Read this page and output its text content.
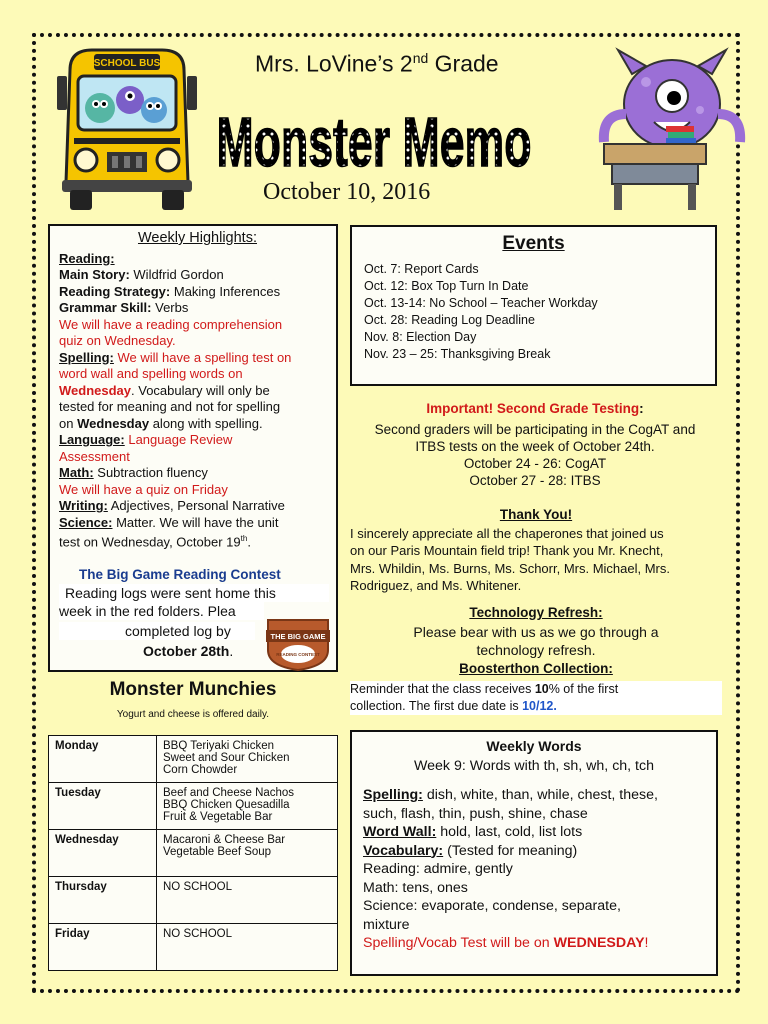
SCHOOL BUS	Mrs. LoVine’s 2nd Grade
Monster Memo
October 10, 2016
Weekly Highlights:
Reading:
Main Story: Wildfrid Gordon
Reading Strategy: Making Inferences
Grammar Skill: Verbs
We will have a reading comprehension
quiz on Wednesday.
Spelling: We will have a spelling test on
word wall and spelling words on
Wednesday. Vocabulary will only be
tested for meaning and not for spelling
on Wednesday along with spelling.
Language: Language Review
Assessment
Math: Subtraction fluency
We will have a quiz on Friday
Writing: Adjectives, Personal Narrative
Science: Matter. We will have the unit
test on Wednesday, October 19th.
The Big Game Reading Contest
Reading logs were sent home this
week in the red folders. Plea
completed log by
October 28th.
THE BIG GAME
READING CONTEST
Monster Munchies
Yogurt and cheese is offered daily.
Monday	BBQ Teriyaki Chicken
Sweet and Sour Chicken
Corn Chowder

Tuesday	Beef and Cheese Nachos
BBQ Chicken Quesadilla
Fruit & Vegetable Bar

Wednesday	Macaroni & Cheese Bar
Vegetable Beef Soup

Thursday	NO SCHOOL

Friday	NO SCHOOL
Events
Oct. 7: Report Cards
Oct. 12: Box Top Turn In Date
Oct. 13-14: No School – Teacher Workday
Oct. 28: Reading Log Deadline
Nov. 8: Election Day
Nov. 23 – 25: Thanksgiving Break
Important! Second Grade Testing:
Second graders will be participating in the CogAT and
ITBS tests on the week of October 24th.
October 24 - 26: CogAT
October 27 - 28: ITBS
Thank You!
I sincerely appreciate all the chaperones that joined us
on our Paris Mountain field trip! Thank you Mr. Knecht,
Mrs. Whildin, Ms. Burns, Ms. Schorr, Mrs. Michael, Mrs.
Rodriguez, and Ms. Whitener.
Technology Refresh:
Please bear with us as we go through a
technology refresh.
Boosterthon Collection:
Reminder that the class receives 10% of the first
collection. The first due date is 10/12.
Weekly Words
Week 9: Words with th, sh, wh, ch, tch
Spelling: dish, white, than, while, chest, these,
such, flash, thin, push, shine, chase
Word Wall: hold, last, cold, list lots
Vocabulary: (Tested for meaning)
Reading: admire, gently
Math: tens, ones
Science: evaporate, condense, separate,
mixture
Spelling/Vocab Test will be on WEDNESDAY!
